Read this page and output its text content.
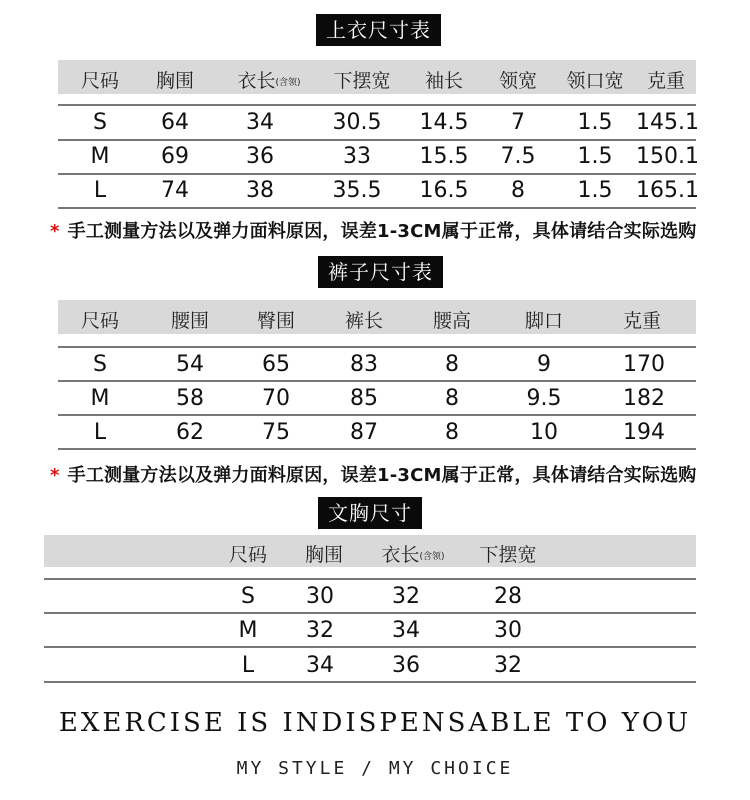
上衣尺寸表
尺码	胸围	衣长(含领)	下摆宽	袖长	领宽	领口宽	克重
S	64	34	30.5	14.5	7	1.5	145.1
M	69	36	33	15.5	7.5	1.5	150.1
L	74	38	35.5	16.5	8	1.5	165.1
* 手工测量方法以及弹力面料原因，误差1-3CM属于正常，具体请结合实际选购
裤子尺寸表
尺码	腰围	臀围	裤长	腰高	脚口	克重
S	54	65	83	8	9	170
M	58	70	85	8	9.5	182
L	62	75	87	8	10	194
* 手工测量方法以及弹力面料原因，误差1-3CM属于正常，具体请结合实际选购
文胸尺寸
尺码	胸围	衣长(含领)	下摆宽
S	30	32	28
M	32	34	30
L	34	36	32
EXERCISE IS INDISPENSABLE TO YOU
MY STYLE / MY CHOICE
